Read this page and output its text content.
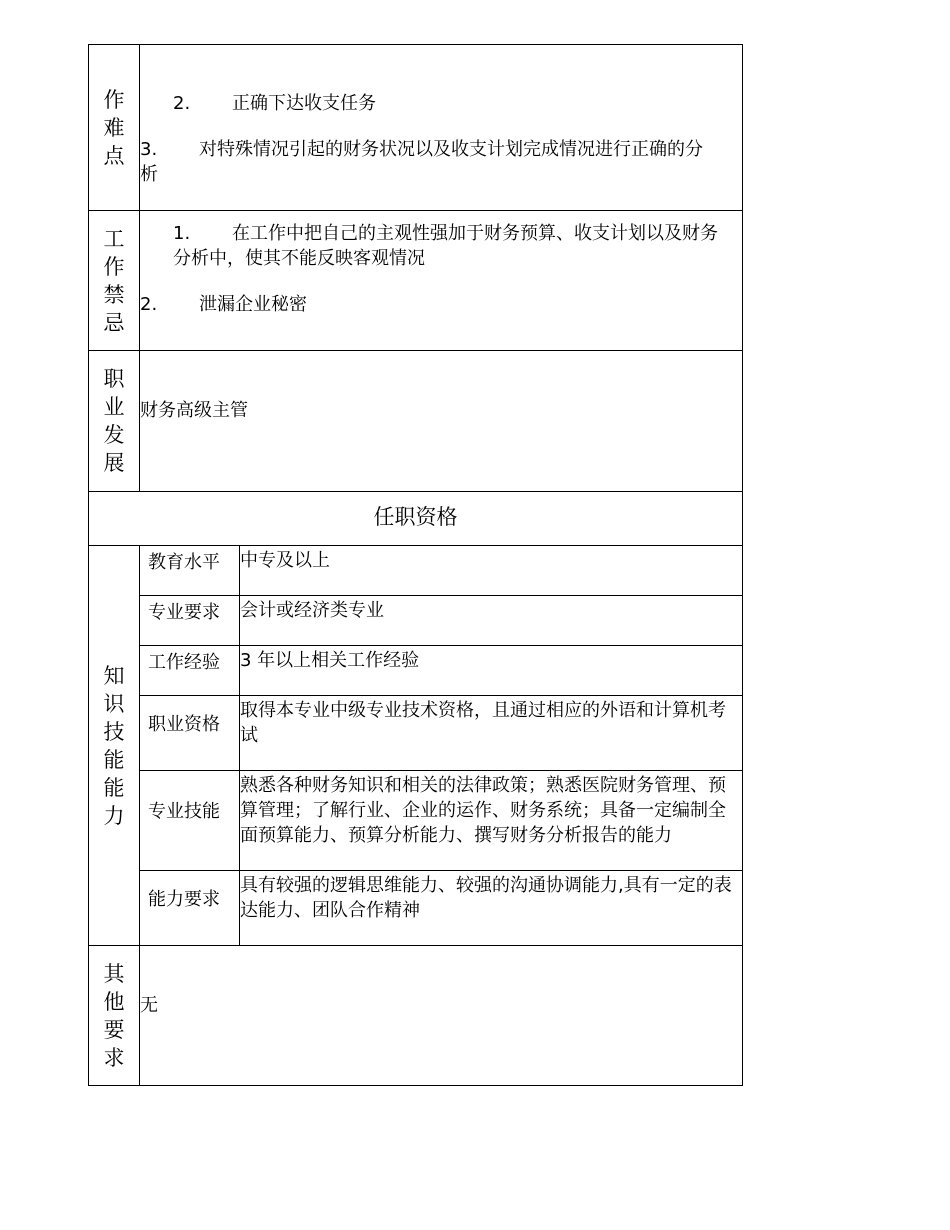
作
难
点
2. 正确下达收支任务
3. 对特殊情况引起的财务状况以及收支计划完成情况进行正确的分
析
工
作
禁
忌
1. 在工作中把自己的主观性强加于财务预算、收支计划以及财务
分析中，使其不能反映客观情况
2. 泄漏企业秘密
职
业
发
展
财务高级主管
任职资格
知
识
技
能
能
力
教育水平 中专及以上
专业要求 会计或经济类专业
工作经验 3 年以上相关工作经验
职业资格
取得本专业中级专业技术资格，且通过相应的外语和计算机考试
专业技能
熟悉各种财务知识和相关的法律政策；熟悉医院财务管理、预算管理；了解行业、企业的运作、财务系统；具备一定编制全面预算能力、预算分析能力、撰写财务分析报告的能力
能力要求
具有较强的逻辑思维能力、较强的沟通协调能力,具有一定的表达能力、团队合作精神
其
他
要
求
无
